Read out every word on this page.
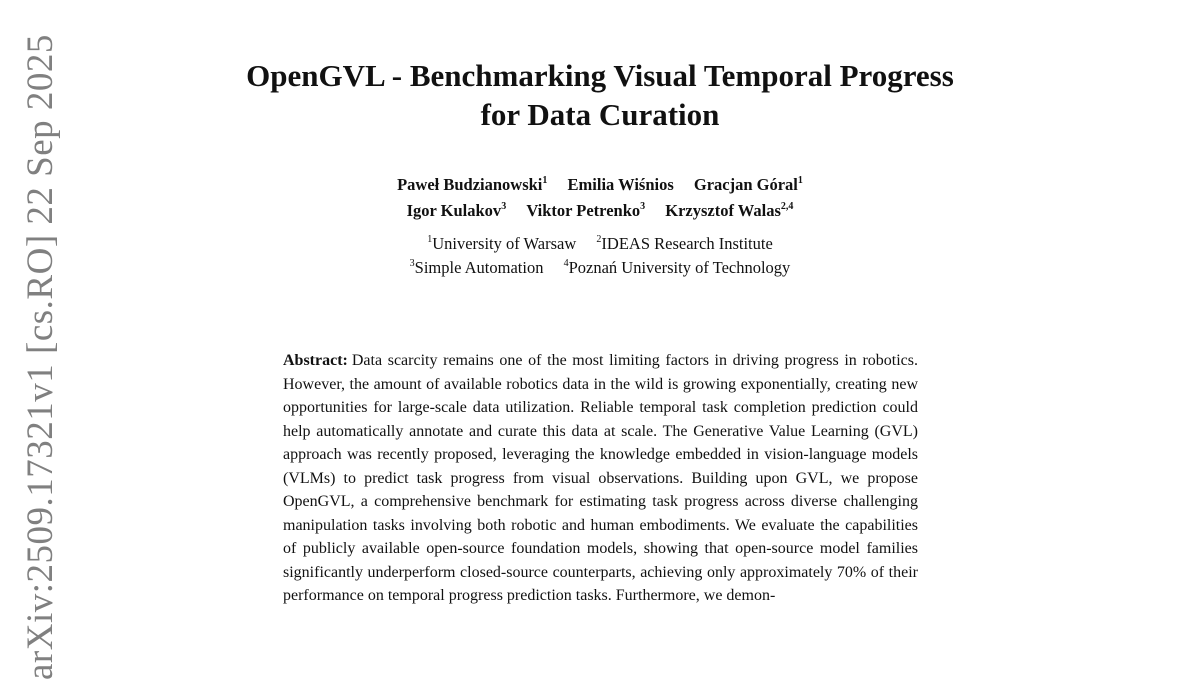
OpenGVL - Benchmarking Visual Temporal Progress
for Data Curation
Paweł Budzianowski$^1$ Emilia Wiśnios Gracjan Góral$^1$
Igor Kulakov$^3$ Viktor Petrenko$^3$ Krzysztof Walas$^{2,4}$
$^1$University of Warsaw $^2$IDEAS Research Institute
$^3$Simple Automation $^4$Poznań University of Technology

Abstract: Data scarcity remains one of the most limiting factors in driving progress in robotics. However, the amount of available robotics data in the wild is growing exponentially, creating new opportunities for large-scale data utilization. Reliable temporal task completion prediction could help automatically annotate and curate this data at scale. The Generative Value Learning (GVL) approach was recently proposed, leveraging the knowledge embedded in vision-language models (VLMs) to predict task progress from visual observations. Building upon GVL, we propose OpenGVL, a comprehensive benchmark for estimating task progress across diverse challenging manipulation tasks involving both robotic and human embodiments. We evaluate the capabilities of publicly available open-source foundation models, showing that open-source model families significantly underperform closed-source counterparts, achieving only approximately 70% of their performance on temporal progress prediction tasks. Furthermore, we demon-

arXiv:2509.17321v1 [cs.RO] 22 Sep 2025
